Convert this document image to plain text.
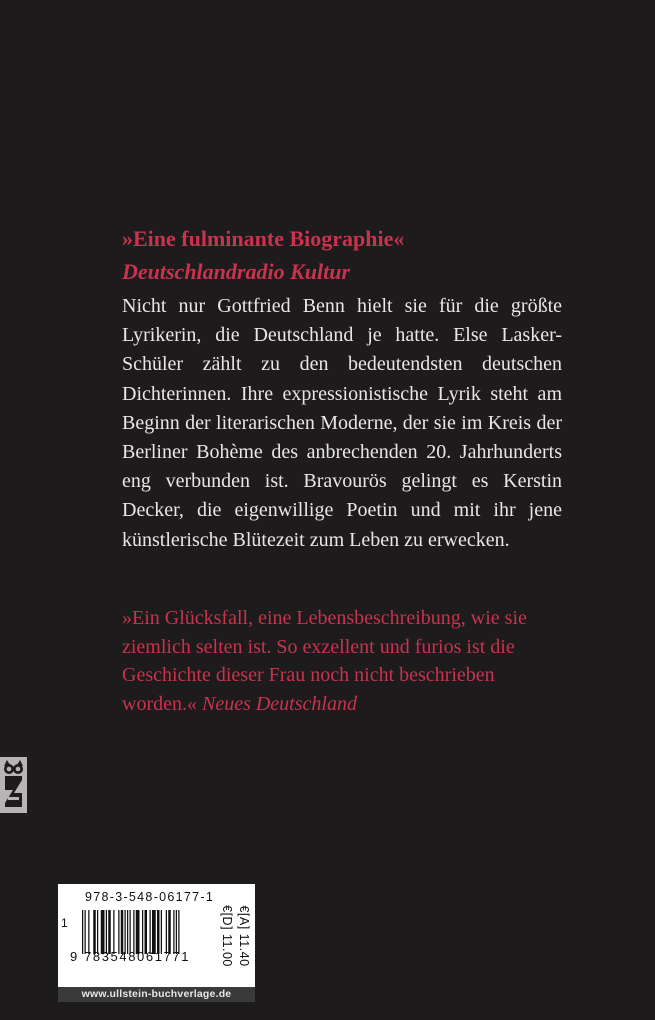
»Eine fulminante Biographie«
Deutschlandradio Kultur

Nicht nur Gottfried Benn hielt sie für die größte Lyrikerin, die Deutschland je hatte. Else Lasker-Schüler zählt zu den bedeutendsten deutschen Dichterinnen. Ihre expressionistische Lyrik steht am Beginn der literarischen Moderne, der sie im Kreis der Berliner Bohème des anbrechenden 20. Jahrhunderts eng verbunden ist. Bravourös gelingt es Kerstin Decker, die eigenwillige Poetin und mit ihr jene künstlerische Blütezeit zum Leben zu erwecken.

»Ein Glücksfall, eine Lebensbeschreibung, wie sie ziemlich selten ist. So exzellent und furios ist die Geschichte dieser Frau noch nicht beschrieben worden.« Neues Deutschland

978-3-548-06177-1
1
9 783548061771 €[D] 11.00 €[A] 11.40
www.ullstein-buchverlage.de
